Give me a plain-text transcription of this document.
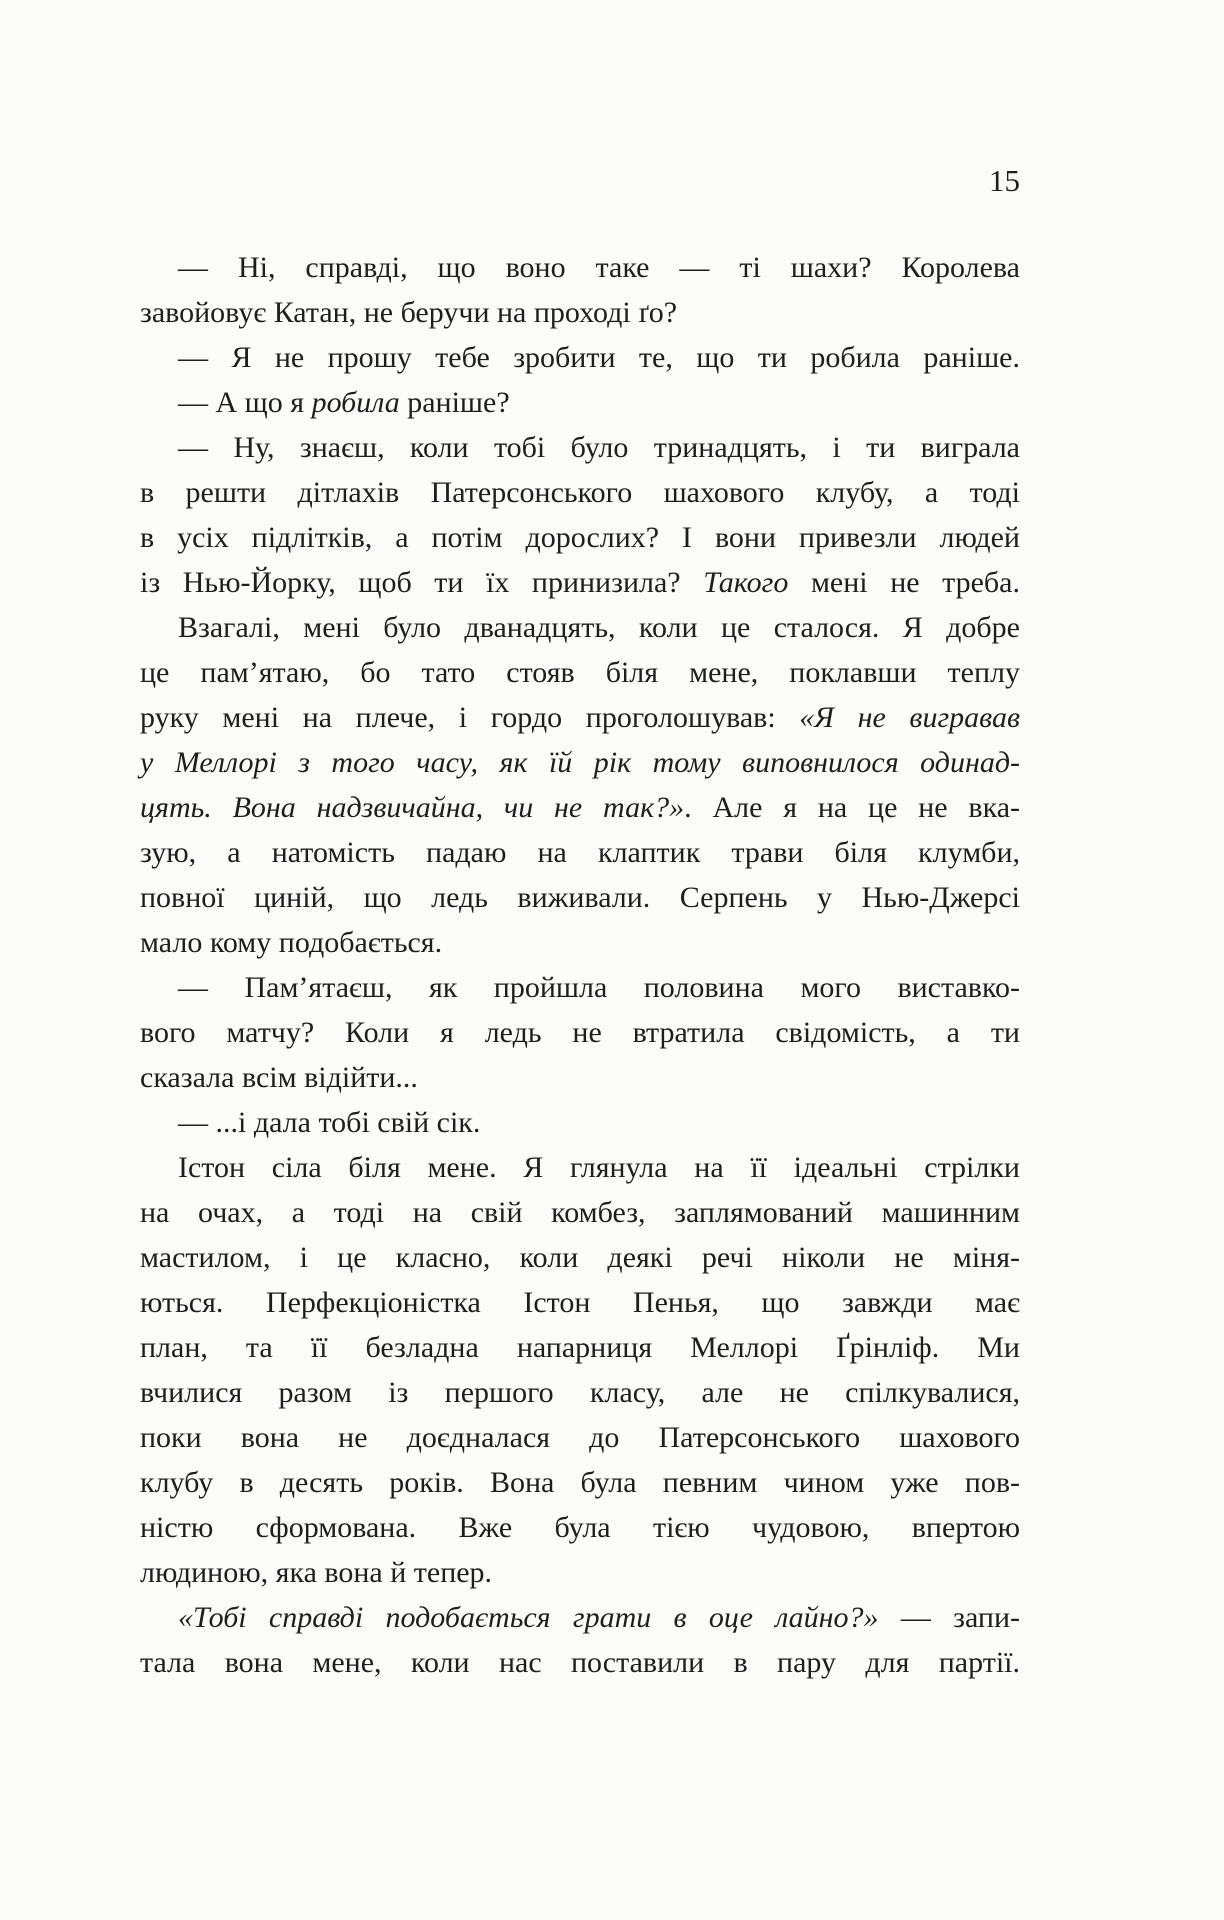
15
— Ні, справді, що воно таке — ті шахи? Королева
завойовує Катан, не беручи на проході ґо?
— Я не прошу тебе зробити те, що ти робила раніше.
— А що я робила раніше?
— Ну, знаєш, коли тобі було тринадцять, і ти виграла
в решти дітлахів Патерсонського шахового клубу, а тоді
в усіх підлітків, а потім дорослих? І вони привезли людей
із Нью-Йорку, щоб ти їх принизила? Такого мені не треба.
Взагалі, мені було дванадцять, коли це сталося. Я добре
це пам’ятаю, бо тато стояв біля мене, поклавши теплу
руку мені на плече, і гордо проголошував: «Я не вигравав
у Меллорі з того часу, як їй рік тому виповнилося одинад-
цять. Вона надзвичайна, чи не так?». Але я на це не вка-
зую, а натомість падаю на клаптик трави біля клумби,
повної циній, що ледь виживали. Серпень у Нью-Джерсі
мало кому подобається.
— Пам’ятаєш, як пройшла половина мого виставко-
вого матчу? Коли я ледь не втратила свідомість, а ти
сказала всім відійти...
— ...і дала тобі свій сік.
Істон сіла біля мене. Я глянула на її ідеальні стрілки
на очах, а тоді на свій комбез, заплямований машинним
мастилом, і це класно, коли деякі речі ніколи не міня-
ються. Перфекціоністка Істон Пенья, що завжди має
план, та її безладна напарниця Меллорі Ґрінліф. Ми
вчилися разом із першого класу, але не спілкувалися,
поки вона не доєдналася до Патерсонського шахового
клубу в десять років. Вона була певним чином уже пов-
ністю сформована. Вже була тією чудовою, впертою
людиною, яка вона й тепер.
«Тобі справді подобається грати в оце лайно?» — запи-
тала вона мене, коли нас поставили в пару для партії.
